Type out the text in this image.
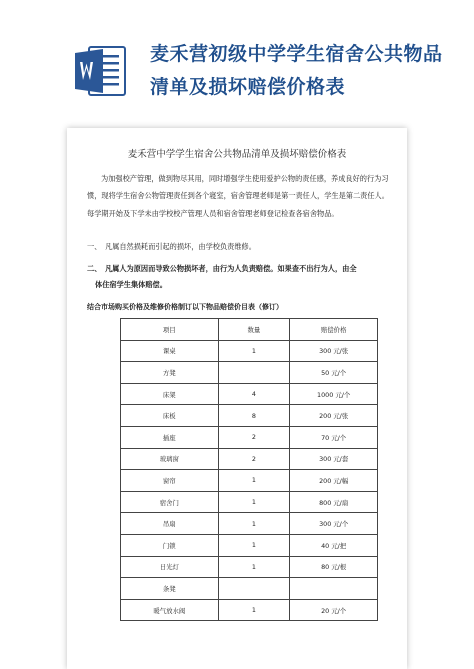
麦禾营初级中学学生宿舍公共物品清单及损坏赔偿价格表
麦禾营中学学生宿舍公共物品清单及损坏赔偿价格表
为加强校产管理，做到物尽其用，同时增强学生使用爱护公物的责任感，养成良好的行为习惯，现将学生宿舍公物管理责任到各个寝室，宿舍管理老师是第一责任人，学生是第二责任人。每学期开始及下学未由学校校产管理人员和宿舍管理老师登记检查各宿舍物品。
一、　凡属自然损耗而引起的损坏，由学校负责维修。
二、　凡属人为原因而导致公物损坏者，由行为人负责赔偿。如果查不出行为人，由全
体住宿学生集体赔偿。
结合市场购买价格及维修价格制订以下物品赔偿价目表（修订）
项目	数量	赔偿价格
课桌	1	300 元/张
方凳		50 元/个
床架	4	1000 元/个
床板	8	200 元/张
插座	2	70 元/个
玻璃窗	2	300 元/套
窗帘	1	200 元/幅
宿舍门	1	800 元/扇
吊扇	1	300 元/个
门锁	1	40 元/把
日光灯	1	80 元/根
条凳		
暖气放水阀	1	20 元/个
